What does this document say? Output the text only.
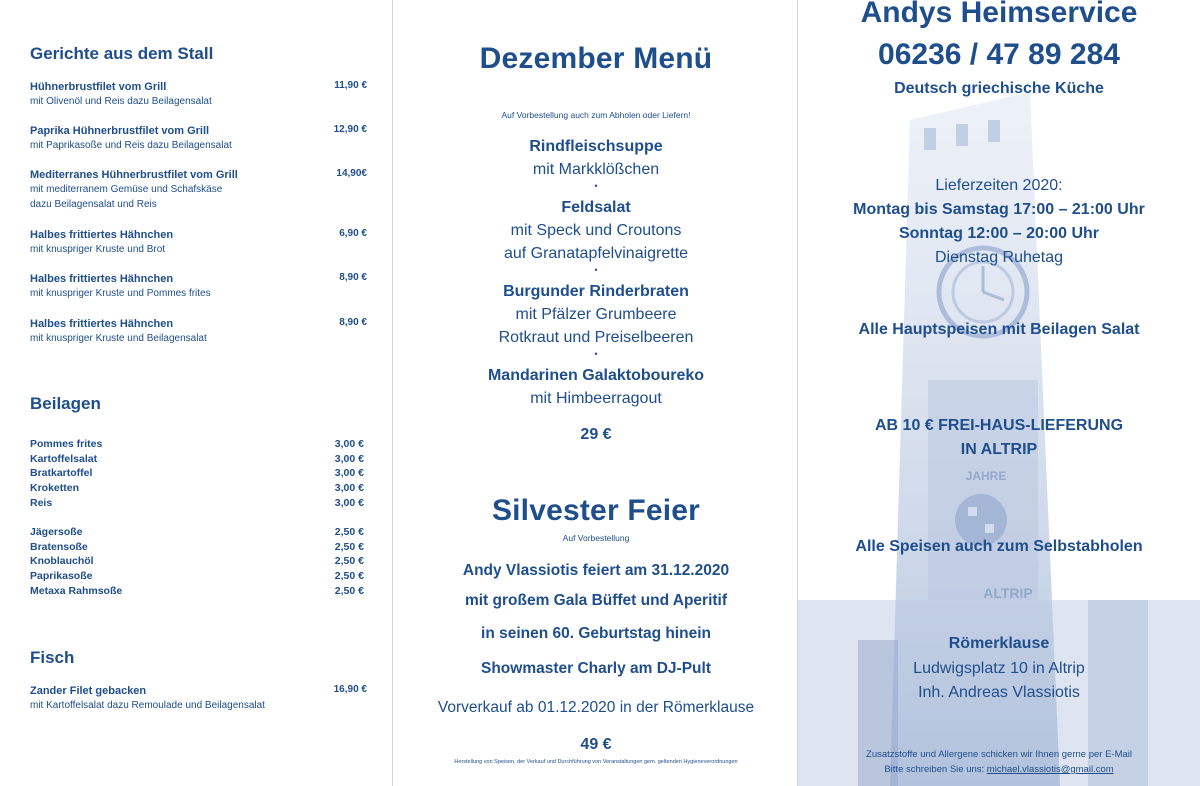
Gerichte aus dem Stall
Hühnerbrustfilet vom Grill
mit Olivenöl und Reis dazu Beilagensalat
11,90 €
Paprika Hühnerbrustfilet vom Grill
mit Paprikasoße und Reis dazu Beilagensalat
12,90 €
Mediterranes Hühnerbrustfilet vom Grill
mit mediterranem Gemüse und Schafskäse
dazu Beilagensalat und Reis
14,90€
Halbes frittiertes Hähnchen
mit knuspriger Kruste und Brot
6,90 €
Halbes frittiertes Hähnchen
mit knuspriger Kruste und Pommes frites
8,90 €
Halbes frittiertes Hähnchen
mit knuspriger Kruste und Beilagensalat
8,90 €
Beilagen
Pommes frites	3,00 €
Kartoffelsalat	3,00 €
Bratkartoffel	3,00 €
Kroketten	3,00 €
Reis	3,00 €
Jägersoße	2,50 €
Bratensoße	2,50 €
Knoblauchöl	2,50 €
Paprikasoße	2,50 €
Metaxa Rahmsoße	2,50 €
Fisch
Zander Filet gebacken
mit Kartoffelsalat dazu Remoulade und Beilagensalat
16,90 €
Dezember Menü
Auf Vorbestellung auch zum Abholen oder Liefern!
Rindfleischsuppe
mit Markklößchen
•
Feldsalat
mit Speck und Croutons
auf Granatapfelvinaigrette
•
Burgunder Rinderbraten
mit Pfälzer Grumbeere
Rotkraut und Preiselbeeren
•
Mandarinen Galaktoboureko
mit Himbeerragout
29 €
Silvester Feier
Auf Vorbestellung
Andy Vlassiotis feiert am 31.12.2020
mit großem Gala Büffet und Aperitif
in seinen 60. Geburtstag hinein
Showmaster Charly am DJ-Pult
Vorverkauf ab 01.12.2020 in der Römerklause
49 €
Herstellung von Speisen, der Verkauf und Durchführung von Veranstaltungen gem. geltenden Hygieneverordnungen
JAHRE
ALTRIP
Andys Heimservice
06236 / 47 89 284
Deutsch griechische Küche
Lieferzeiten 2020:
Montag bis Samstag 17:00 – 21:00 Uhr
Sonntag 12:00 – 20:00 Uhr
Dienstag Ruhetag
Alle Hauptspeisen mit Beilagen Salat
AB 10 € FREI-HAUS-LIEFERUNG
IN ALTRIP
Alle Speisen auch zum Selbstabholen
Römerklause
Ludwigsplatz 10 in Altrip
Inh. Andreas Vlassiotis
Zusatzstoffe und Allergene schicken wir Ihnen gerne per E-Mail
Bitte schreiben Sie uns: michael.vlassiotis@gmail.com
